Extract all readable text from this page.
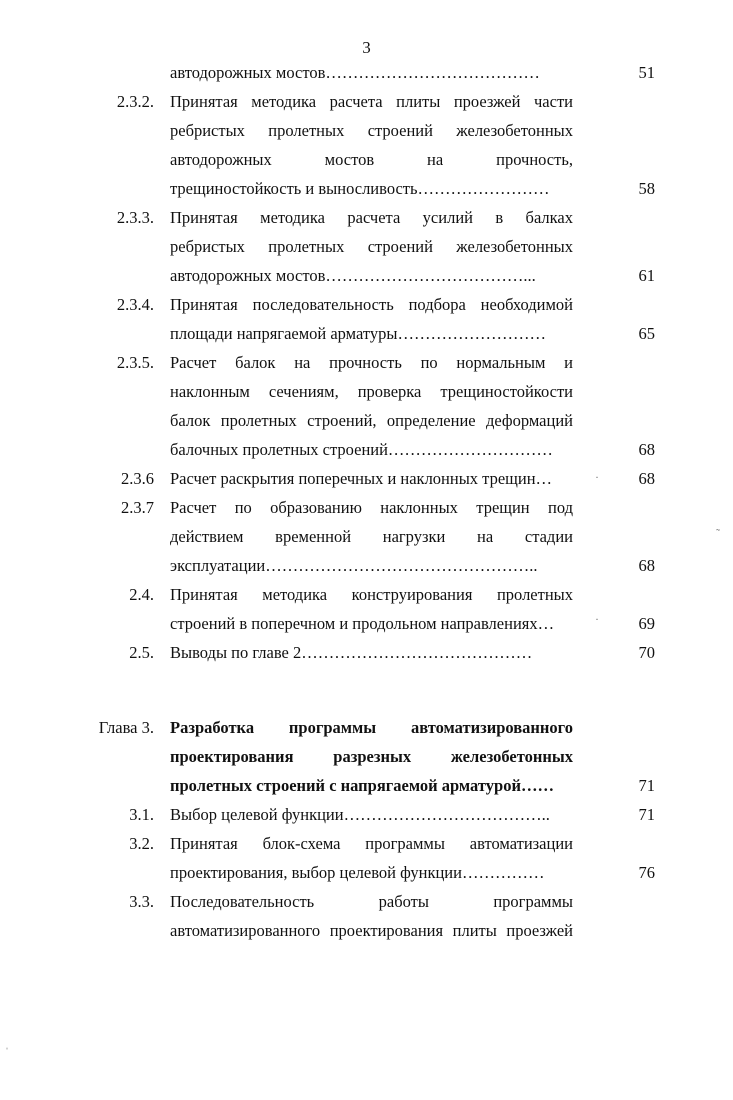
3
автодорожных мостов…………………………………	51
2.3.2. Принятая методика расчета плиты проезжей части
ребристых пролетных строений железобетонных
автодорожных мостов на прочность,
трещиностойкость и выносливость……………………	58
2.3.3. Принятая методика расчета усилий в балках
ребристых пролетных строений железобетонных
автодорожных мостов………………………………...	61
2.3.4. Принятая последовательность подбора необходимой
площади напрягаемой арматуры………………………	65
2.3.5. Расчет балок на прочность по нормальным и
наклонным сечениям, проверка трещиностойкости
балок пролетных строений, определение деформаций
балочных пролетных строений…………………………	68
2.3.6 Расчет раскрытия поперечных и наклонных трещин…	68
2.3.7 Расчет по образованию наклонных трещин под
действием временной нагрузки на стадии
эксплуатации…………………………………………..	68
2.4. Принятая методика конструирования пролетных
строений в поперечном и продольном направлениях…	69
2.5. Выводы по главе 2……………………………………	70
Глава 3. Разработка программы автоматизированного
проектирования разрезных железобетонных
пролетных строений с напрягаемой арматурой……	71
3.1. Выбор целевой функции………………………………..	71
3.2. Принятая блок-схема программы автоматизации
проектирования, выбор целевой функции……………	76
3.3. Последовательность работы программы
автоматизированного проектирования плиты проезжей
·
·
˜
ˈ
